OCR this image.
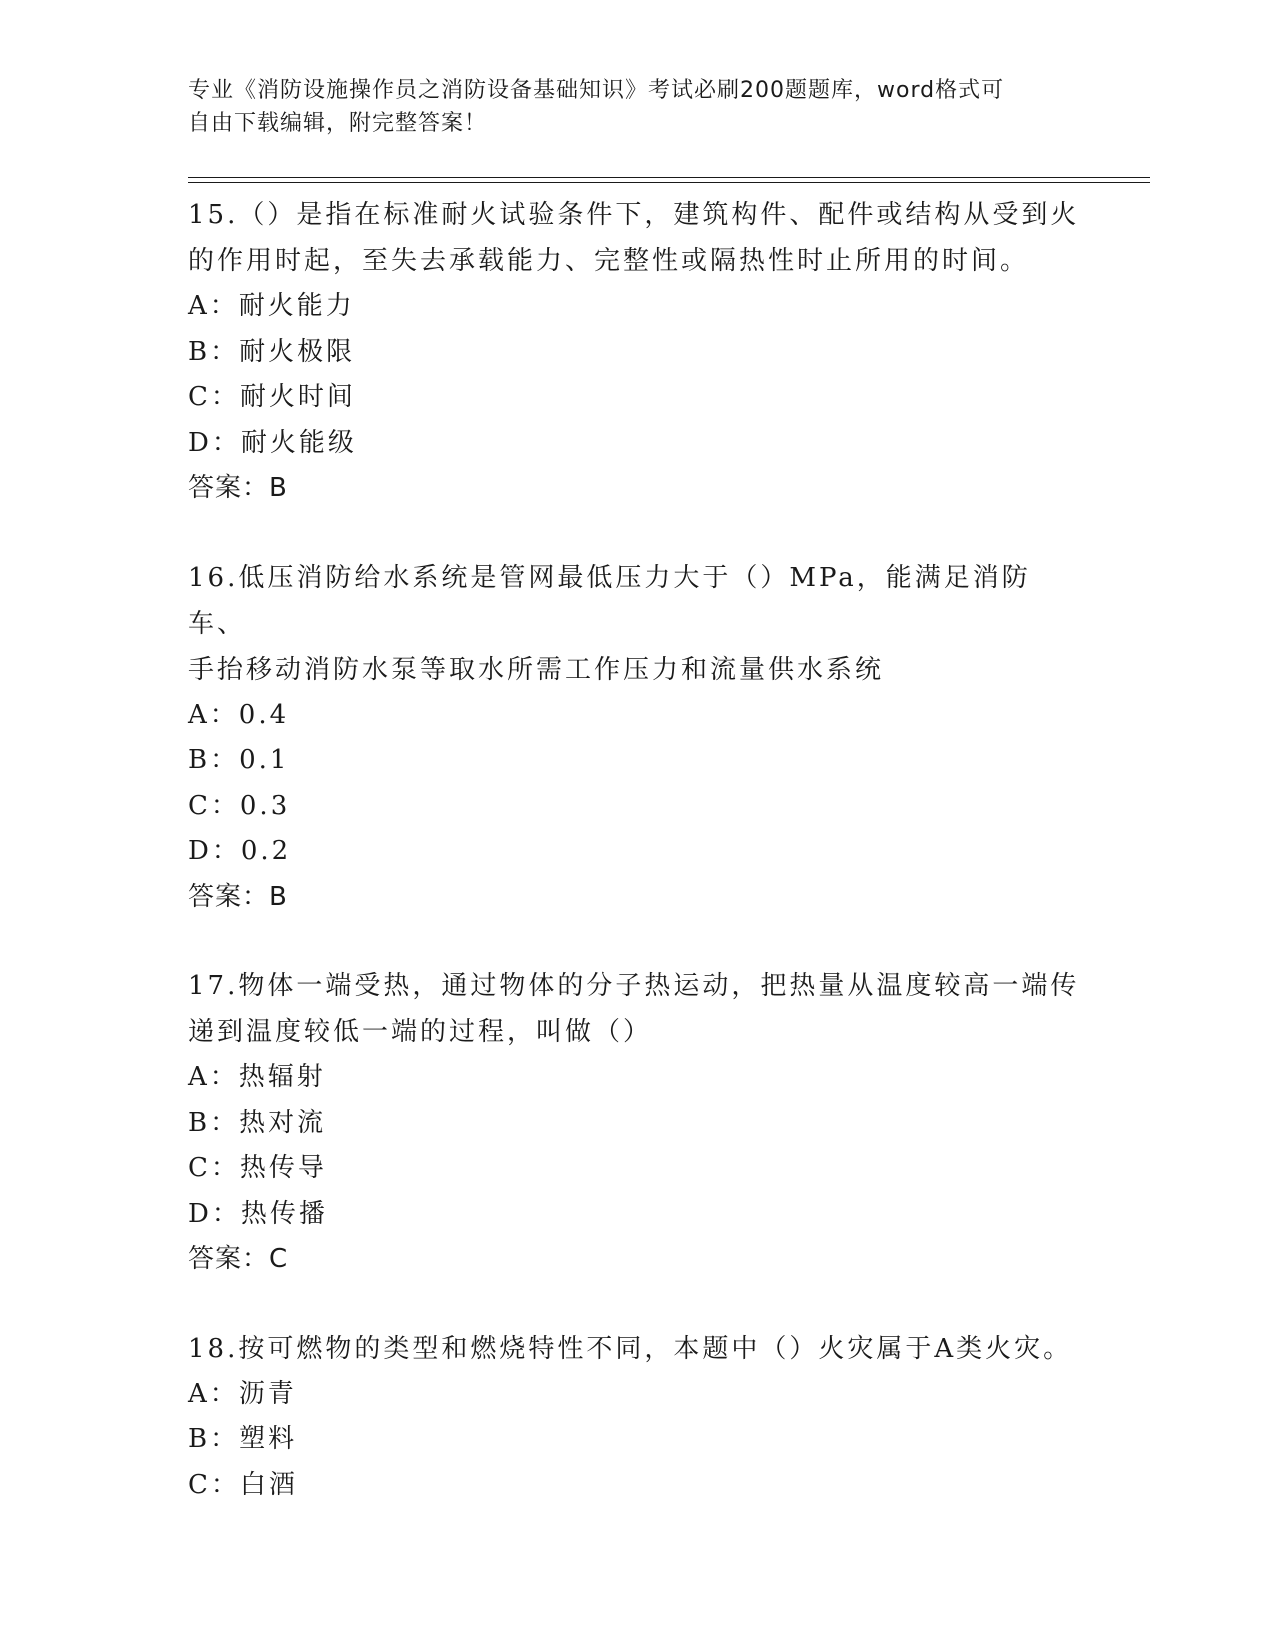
专业《消防设施操作员之消防设备基础知识》考试必刷200题题库，word格式可
自由下载编辑，附完整答案！
15.（）是指在标准耐火试验条件下，建筑构件、配件或结构从受到火
的作用时起，至失去承载能力、完整性或隔热性时止所用的时间。
A：耐火能力
B：耐火极限
C：耐火时间
D：耐火能级
答案：B
16.低压消防给水系统是管网最低压力大于（）MPa，能满足消防车、
手抬移动消防水泵等取水所需工作压力和流量供水系统
A：0.4
B：0.1
C：0.3
D：0.2
答案：B
17.物体一端受热，通过物体的分子热运动，把热量从温度较高一端传
递到温度较低一端的过程，叫做（）
A：热辐射
B：热对流
C：热传导
D：热传播
答案：C
18.按可燃物的类型和燃烧特性不同，本题中（）火灾属于A类火灾。
A：沥青
B：塑料
C：白酒
